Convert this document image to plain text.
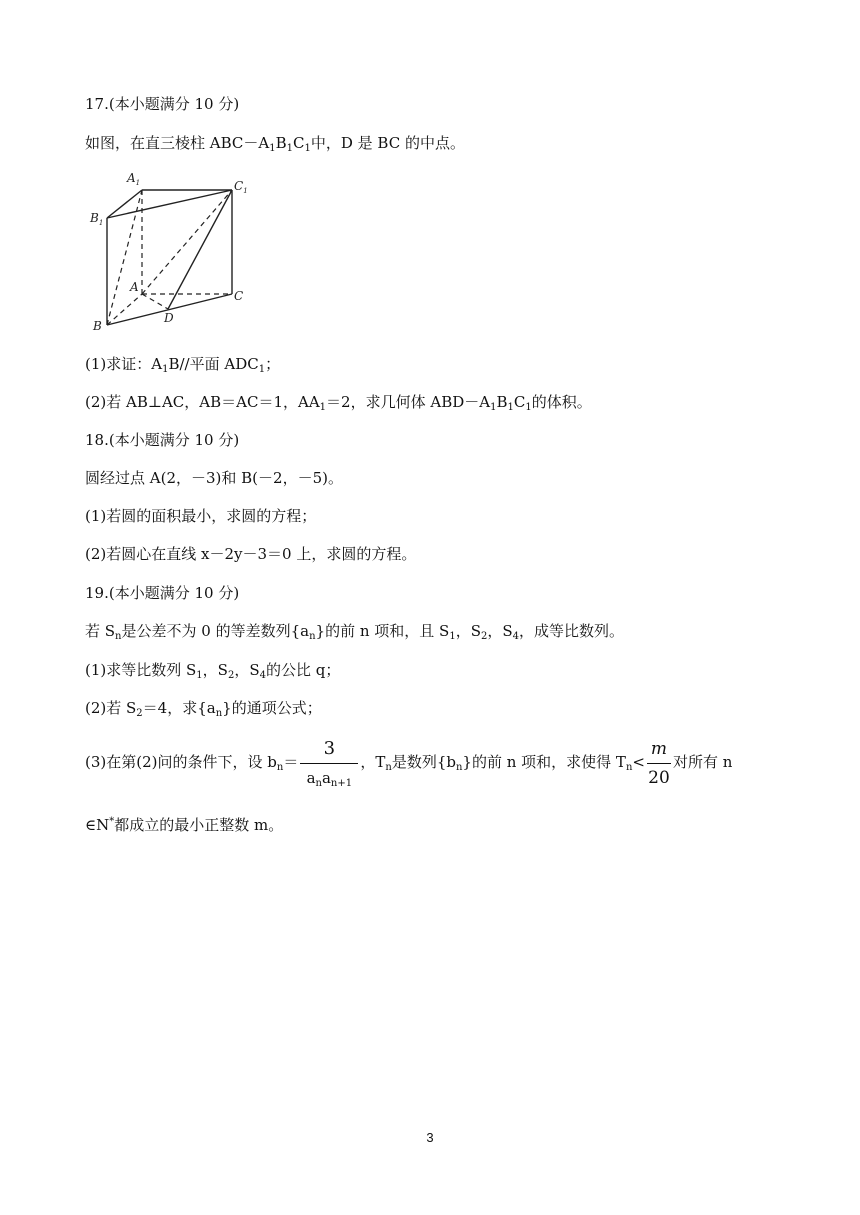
17.(本小题满分 10 分)
如图，在直三棱柱 $ABC-A_1B_1C_1$中，D 是 BC 的中点。
$A_1$	$C_1$
$B_1$
A
C
B
D
(1)求证：$A_1B//$平面 $ADC_1$；
(2)若 AB⊥AC，AB＝AC＝1，$AA_1=2$，求几何体 $ABD-A_1B_1C_1$的体积。
18.(本小题满分 10 分)
圆经过点 A(2，－3)和 B(－2，－5)。
(1)若圆的面积最小，求圆的方程；
(2)若圆心在直线 x－2y－3＝0 上，求圆的方程。
19.(本小题满分 10 分)
若 $S_n$是公差不为 0 的等差数列$\{a_n\}$的前 n 项和，且 $S_1$，$S_2$，$S_4$，成等比数列。
(1)求等比数列 $S_1$，$S_2$，$S_4$的公比 q；
(2)若 $S_2=4$，求$\{a_n\}$的通项公式；
(3)在第(2)问的条件下，设 $b_n= \frac{3}{a_na_{n+1}}$ ，$T_n$是数列$\{b_n\}$的前 n 项和，求使得 $T_n< \frac{m}{20}$ 对所有 n
∈N*都成立的最小正整数 m。
3
